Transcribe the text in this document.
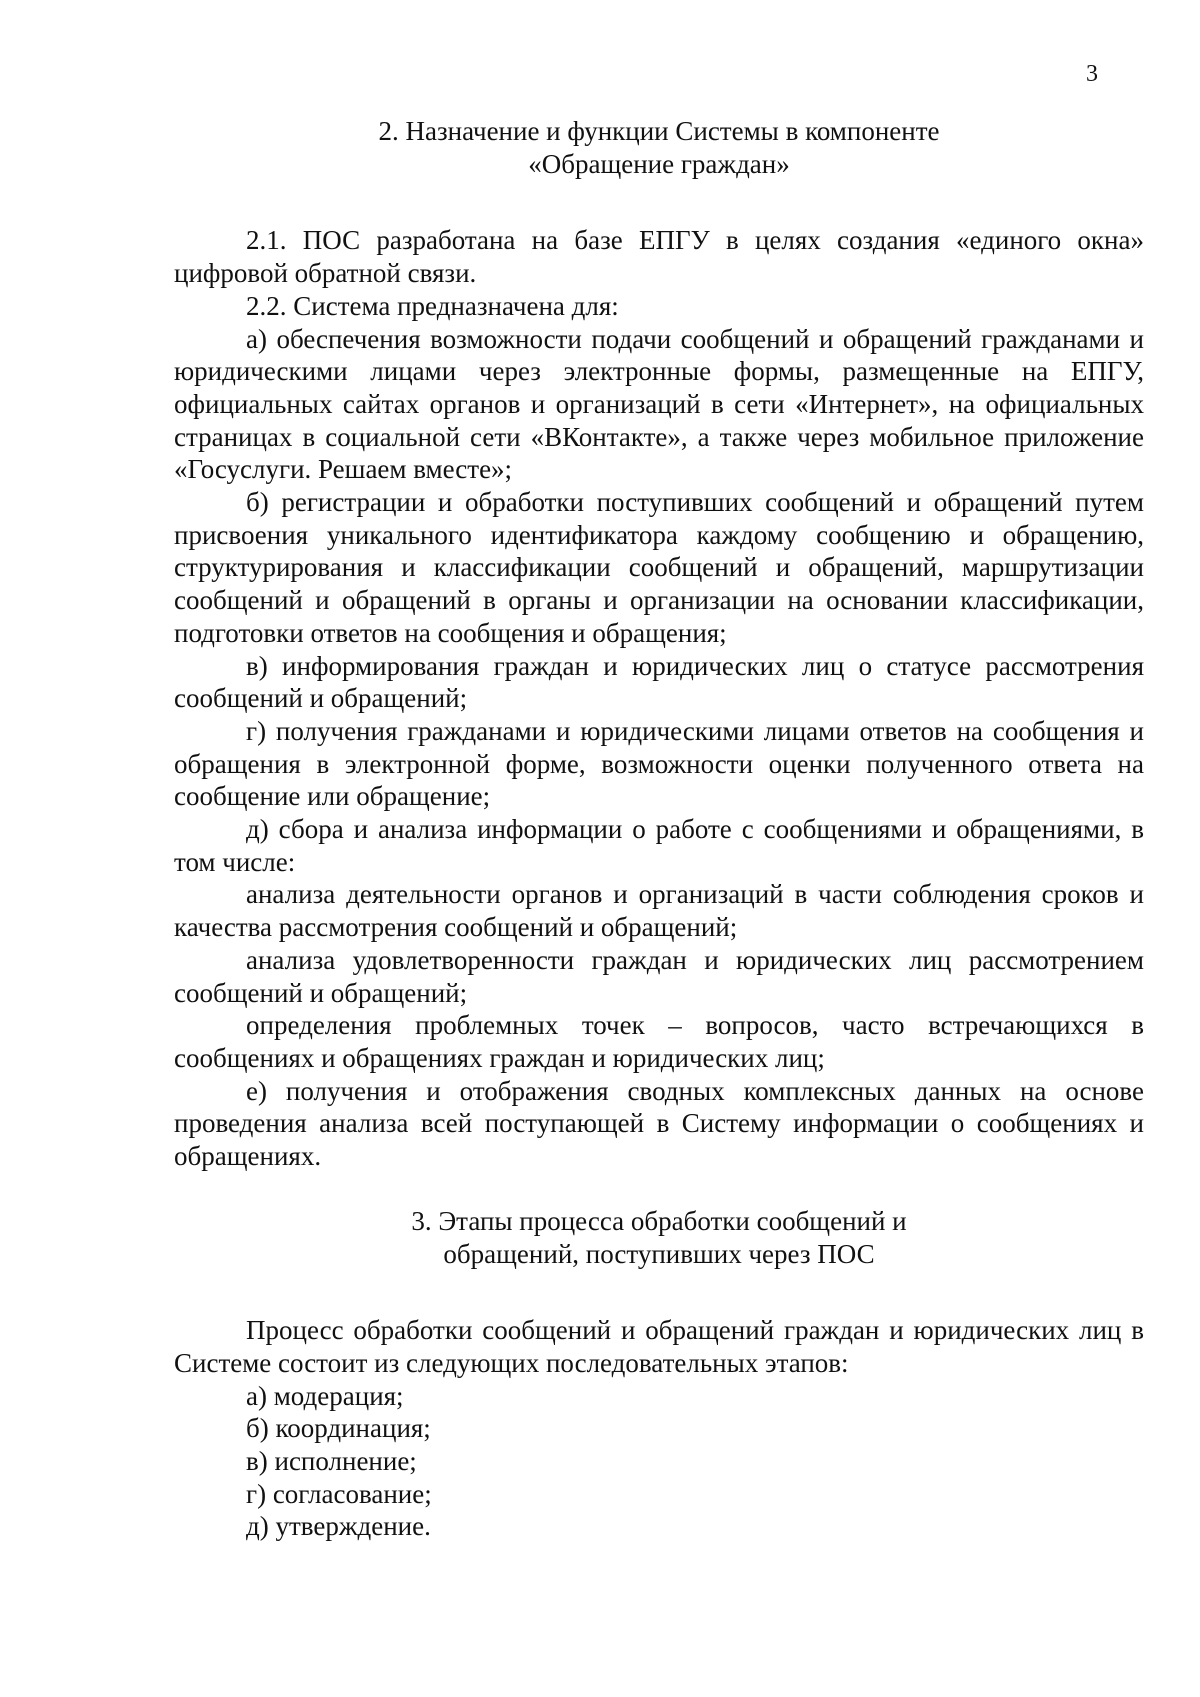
3
2. Назначение и функции Системы в компоненте
«Обращение граждан»

2.1. ПОС разработана на базе ЕПГУ в целях создания «единого окна» цифровой обратной связи.

2.2. Система предназначена для:

а) обеспечения возможности подачи сообщений и обращений гражданами и юридическими лицами через электронные формы, размещенные на ЕПГУ, официальных сайтах органов и организаций в сети «Интернет», на официальных страницах в социальной сети «ВКонтакте», а также через мобильное приложение «Госуслуги. Решаем вместе»;

б) регистрации и обработки поступивших сообщений и обращений путем присвоения уникального идентификатора каждому сообщению и обращению, структурирования и классификации сообщений и обращений, маршрутизации сообщений и обращений в органы и организации на основании классификации, подготовки ответов на сообщения и обращения;

в) информирования граждан и юридических лиц о статусе рассмотрения сообщений и обращений;

г) получения гражданами и юридическими лицами ответов на сообщения и обращения в электронной форме, возможности оценки полученного ответа на сообщение или обращение;

д) сбора и анализа информации о работе с сообщениями и обращениями, в том числе:

анализа деятельности органов и организаций в части соблюдения сроков и качества рассмотрения сообщений и обращений;

анализа удовлетворенности граждан и юридических лиц рассмотрением сообщений и обращений;

определения проблемных точек – вопросов, часто встречающихся в сообщениях и обращениях граждан и юридических лиц;

е) получения и отображения сводных комплексных данных на основе проведения анализа всей поступающей в Систему информации о сообщениях и обращениях.

3. Этапы процесса обработки сообщений и
обращений, поступивших через ПОС

Процесс обработки сообщений и обращений граждан и юридических лиц в Системе состоит из следующих последовательных этапов:

а) модерация;

б) координация;

в) исполнение;

г) согласование;

д) утверждение.
